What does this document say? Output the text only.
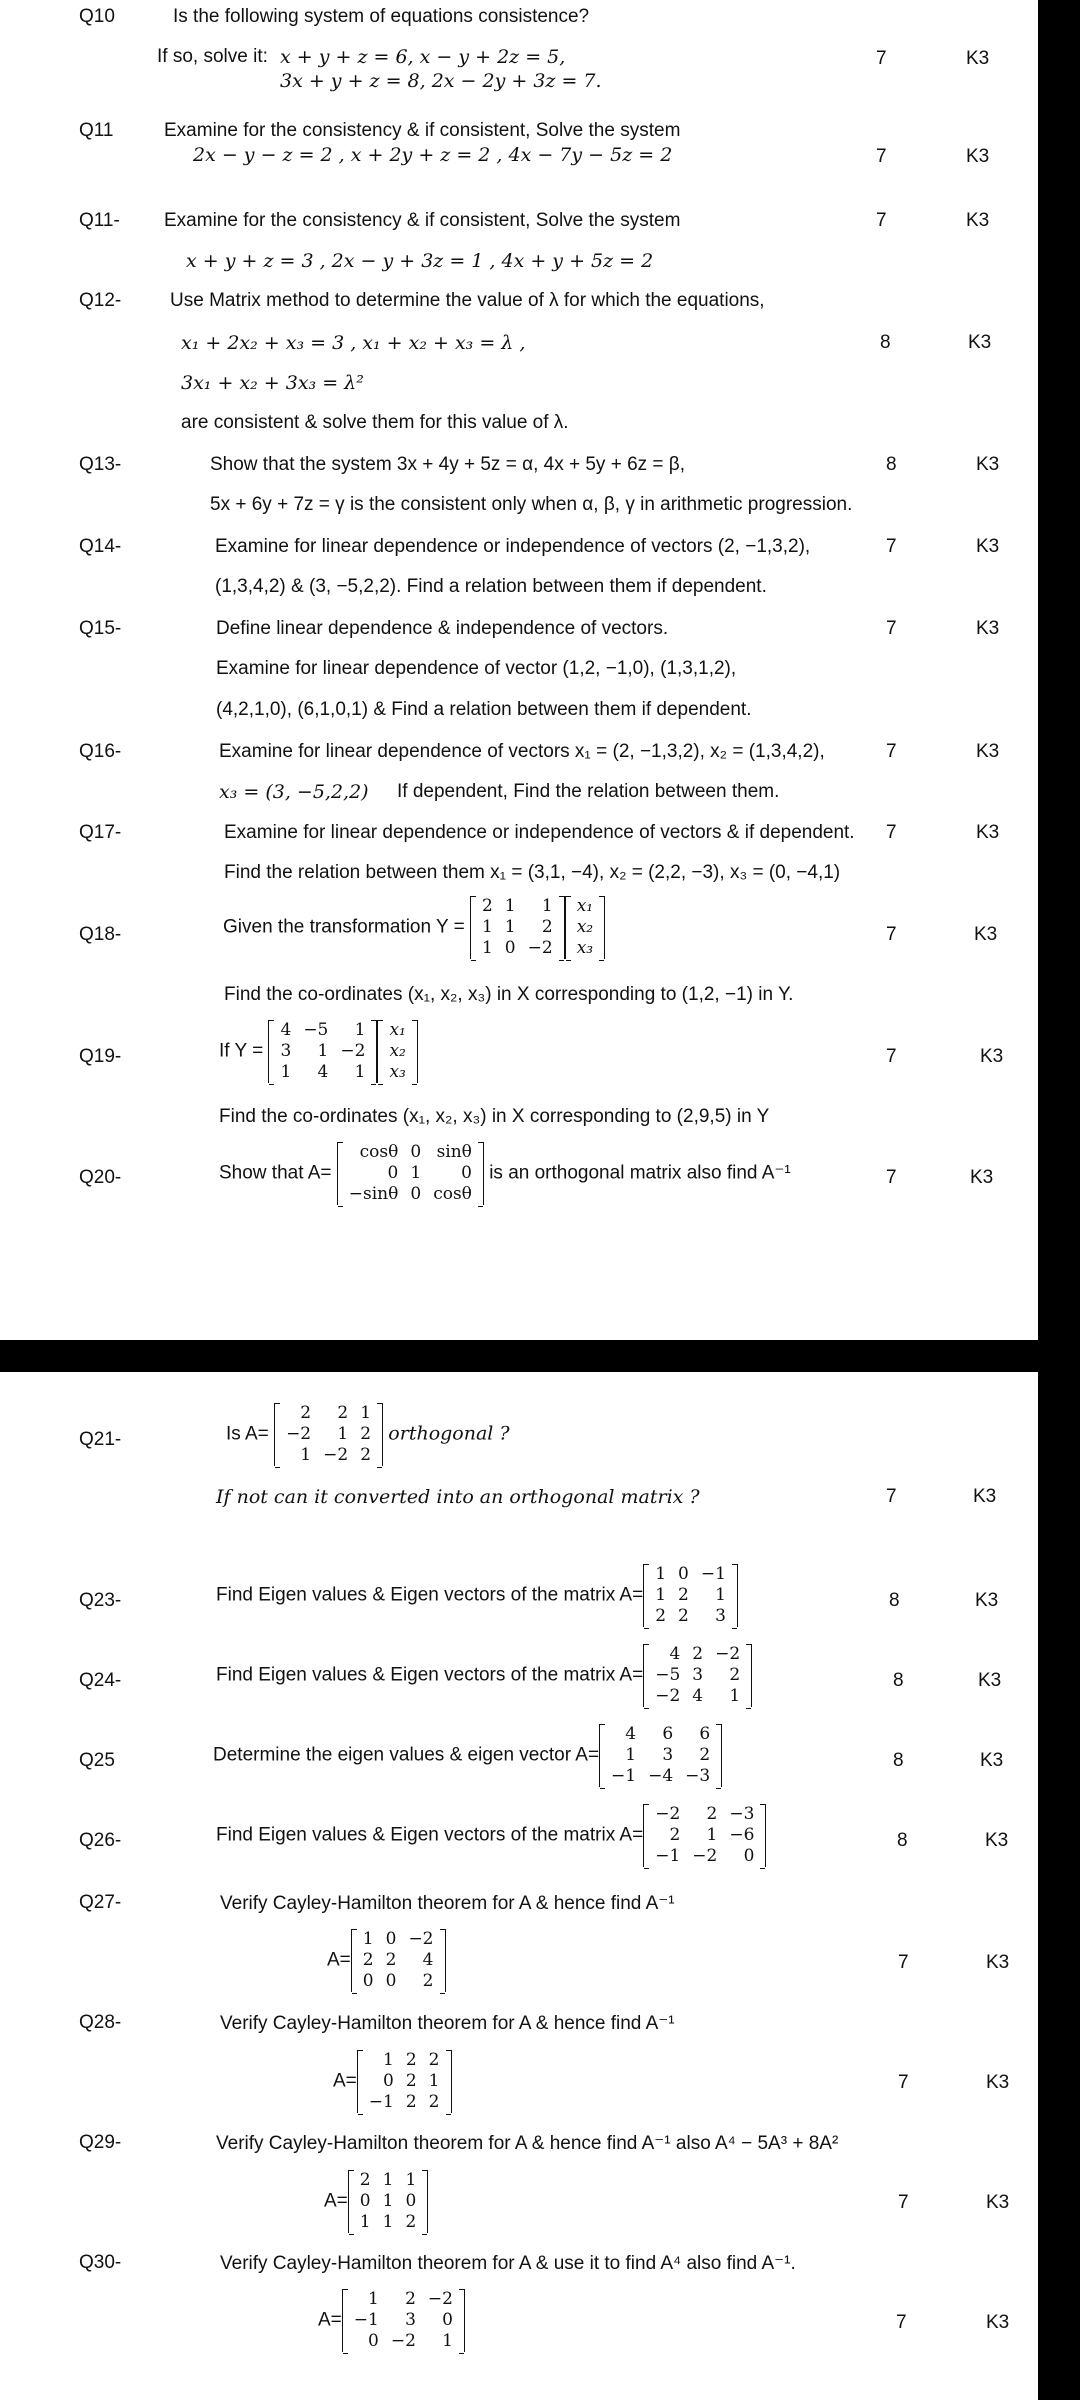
Q10	Is the following system of equations consistence?
If so, solve it: x + y + z = 6, x − y + 2z = 5,
3x + y + z = 8, 2x − 2y + 3z = 7.
7	K3
Q11	Examine for the consistency & if consistent, Solve the system
2x − y − z = 2 , x + 2y + z = 2 , 4x − 7y − 5z = 2	7	K3
Q11- Examine for the consistency & if consistent, Solve the system
x + y + z = 3 , 2x − y + 3z = 1 , 4x + y + 5z = 2
7	K3
Q12-	Use Matrix method to determine the value of λ for which the equations,
x₁ + 2x₂ + x₃ = 3 , x₁ + x₂ + x₃ = λ ,
3x₁ + x₂ + 3x₃ = λ²
are consistent & solve them for this value of λ.
8	K3
Q13-	Show that the system 3x + 4y + 5z = α, 4x + 5y + 6z = β,
5x + 6y + 7z = γ is the consistent only when α, β, γ in arithmetic progression.
8	K3
Q14-	Examine for linear dependence or independence of vectors (2, −1,3,2),
(1,3,4,2) & (3, −5,2,2). Find a relation between them if dependent.
7	K3
Q15-	Define linear dependence & independence of vectors.
Examine for linear dependence of vector (1,2, −1,0), (1,3,1,2),
(4,2,1,0), (6,1,0,1) & Find a relation between them if dependent.
7	K3
Q16-	Examine for linear dependence of vectors x₁ = (2, −1,3,2), x₂ = (1,3,4,2),
x₃ = (3, −5,2,2) If dependent, Find the relation between them.
7	K3
Q17-	Examine for linear dependence or independence of vectors & if dependent.
Find the relation between them x₁ = (3,1, −4), x₂ = (2,2, −3), x₃ = (0, −4,1)
7	K3
Q18-	Given the transformation Y =
2	1	1
1	1	2
1	0	−2
x₁
x₂
x₃
Find the co-ordinates (x₁, x₂, x₃) in X corresponding to (1,2, −1) in Y.
7	K3
Q19-	If Y =
4	−5	1
3	1	−2
1	4	1
x₁
x₂
x₃
Find the co-ordinates (x₁, x₂, x₃) in X corresponding to (2,9,5) in Y
7	K3
Q20-	Show that A=
cosθ	0	sinθ
0	1	0
−sinθ	0	cosθ
is an orthogonal matrix also find A⁻¹	7	K3
Q21-	Is A=
2	2	1
−2	1	2
1	−2	2
orthogonal ?
If not can it converted into an orthogonal matrix ?	7	K3
Q23-	Find Eigen values & Eigen vectors of the matrix A=
1	0	−1
1	2	1
2	2	3
8	K3
Q24-	Find Eigen values & Eigen vectors of the matrix A=
4	2	−2
−5	3	2
−2	4	1
8	K3
Q25	Determine the eigen values & eigen vector A=
4	6	6
1	3	2
−1	−4	−3
8	K3
Q26-	Find Eigen values & Eigen vectors of the matrix A=
−2	2	−3
2	1	−6
−1	−2	0
8	K3
Q27-	Verify Cayley-Hamilton theorem for A & hence find A⁻¹
A=
1	0	−2
2	2	4
0	0	2
7	K3
Q28-	Verify Cayley-Hamilton theorem for A & hence find A⁻¹
A=
1	2	2
0	2	1
−1	2	2
7	K3
Q29-	Verify Cayley-Hamilton theorem for A & hence find A⁻¹ also A⁴ − 5A³ + 8A²
A=
2	1	1
0	1	0
1	1	2
7	K3
Q30-	Verify Cayley-Hamilton theorem for A & use it to find A⁴ also find A⁻¹.
A=
1	2	−2
−1	3	0
0	−2	1
7	K3
